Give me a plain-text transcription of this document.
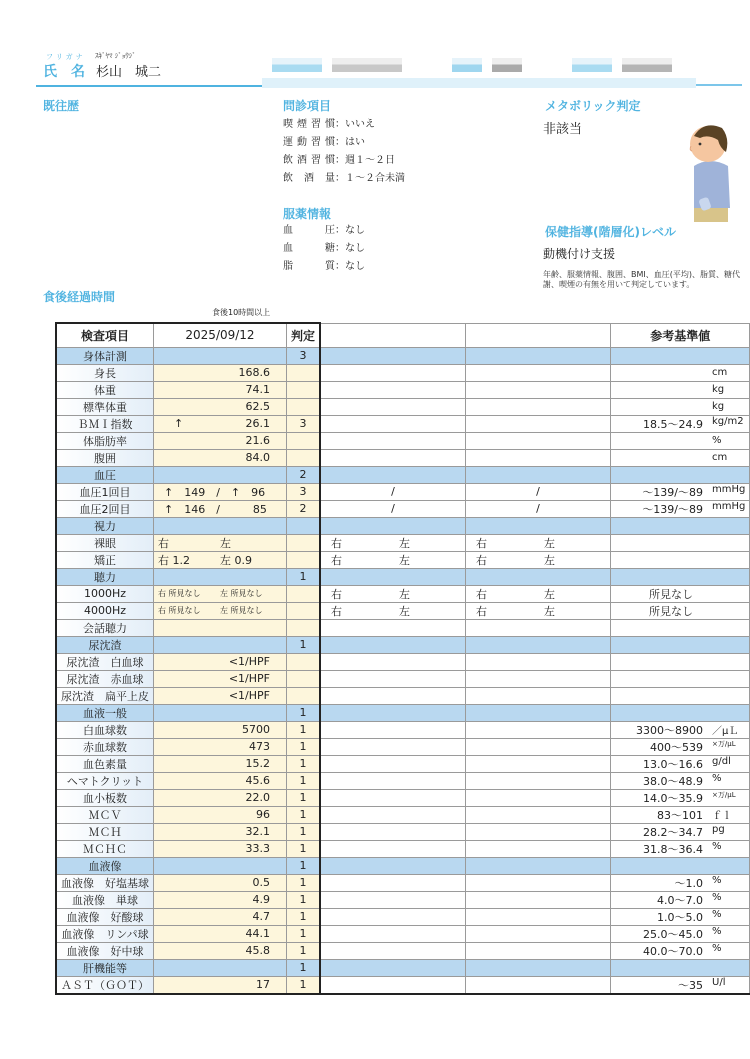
フリガナ ｽｷﾞﾔﾏ ｼﾞｮｳｼﾞ
氏名
杉山　城二
既往歴	問診項目
喫煙習慣：いいえ
運動習慣：はい
飲酒習慣：週１～２日
飲酒量：１～２合未満
服薬情報
血圧：なし
血糖：なし
脂質：なし
メタボリック判定
非該当
保健指導(階層化)レベル
動機付け支援
年齢、服薬情報、腹囲、BMI、血圧(平均)、脂質、糖代謝、喫煙の有無を用いて判定しています。
食後経過時間
食後10時間以上
検査項目	2025/09/12	判定			参考基準値
身体計測		3			
身長	168.6				cm

体重	74.1				kg

標準体重	62.5				kg

ＢＭＩ指数	↑ 26.1	3			18.5～24.9 kg/m2

体脂肪率	21.6				%

腹囲	84.0				cm

血圧		2			
血圧1回目	↑　149　/　↑　96	3	/	/	～139/～89 mmHg

血圧2回目	↑　146　/　　　85	2	/	/	～139/～89 mmHg

視力					
裸眼	右 左		右 左	右 左	

矯正	右 1.2 左 0.9		右 左	右 左	

聴力		1			
1000Hz	右 所見なし 左 所見なし		右 左	右 左	所見なし

4000Hz	右 所見なし 左 所見なし		右 左	右 左	所見なし

会話聴力	

尿沈渣		1			
尿沈渣　白血球	<1/HPF				

尿沈渣　赤血球	<1/HPF				

尿沈渣　扁平上皮	<1/HPF				

血液一般		1			
白血球数	5700	1			3300～8900 ／μＬ

赤血球数	473	1			400～539 ×万/μL

血色素量	15.2	1			13.0～16.6 g/dl

ヘマトクリット	45.6	1			38.0～48.9 %

血小板数	22.0	1			14.0～35.9 ×万/μL

ＭＣＶ	96	1			83～101 ｆｌ

ＭＣＨ	32.1	1			28.2～34.7 pg

ＭＣＨＣ	33.3	1			31.8～36.4 %

血液像		1			
血液像　好塩基球	0.5	1			～1.0 %

血液像　単球	4.9	1			4.0～7.0 %

血液像　好酸球	4.7	1			1.0～5.0 %

血液像　リンパ球	44.1	1			25.0～45.0 %

血液像　好中球	45.8	1			40.0～70.0 %

肝機能等		1			
ＡＳＴ（ＧＯＴ）	17	1			～35 U/l
